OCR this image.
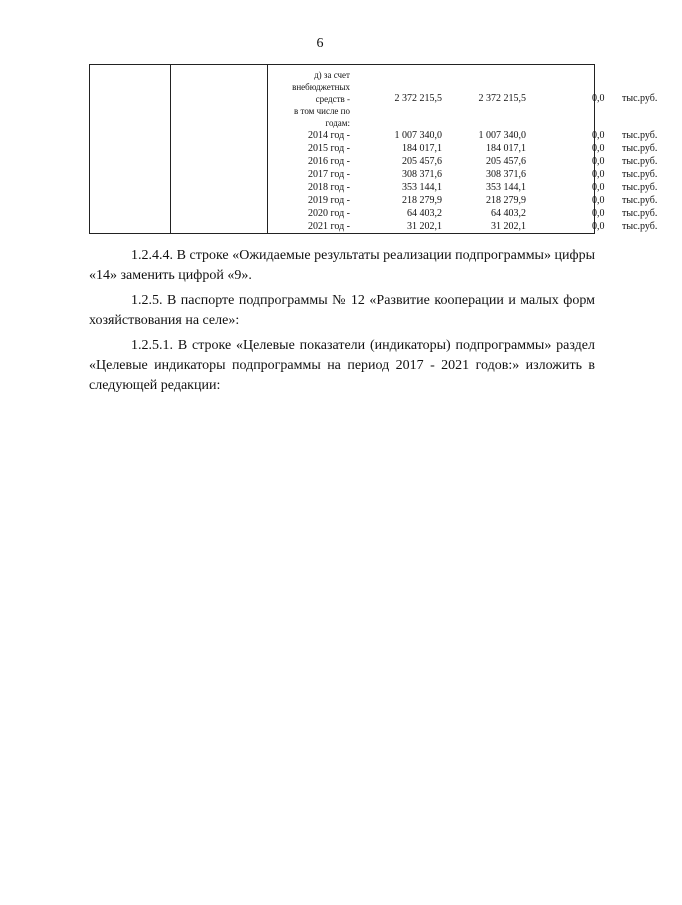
6
д) за счет
внебюджетных
средств -
в том числе по
годам:
2 372 215,5	2 372 215,5	0,0	тыс.руб.
2014 год -	1 007 340,0	1 007 340,0	0,0	тыс.руб.
2015 год -	184 017,1	184 017,1	0,0	тыс.руб.
2016 год -	205 457,6	205 457,6	0,0	тыс.руб.
2017 год -	308 371,6	308 371,6	0,0	тыс.руб.
2018 год -	353 144,1	353 144,1	0,0	тыс.руб.
2019 год -	218 279,9	218 279,9	0,0	тыс.руб.
2020 год -	64 403,2	64 403,2	0,0	тыс.руб.
2021 год -	31 202,1	31 202,1	0,0	тыс.руб.

1.2.4.4. В строке «Ожидаемые результаты реализации подпрограммы» цифры «14» заменить цифрой «9».

1.2.5. В паспорте подпрограммы № 12 «Развитие кооперации и малых форм хозяйствования на селе»:

1.2.5.1. В строке «Целевые показатели (индикаторы) подпрограммы» раздел «Целевые индикаторы подпрограммы на период 2017 - 2021 годов:» изложить в следующей редакции:
